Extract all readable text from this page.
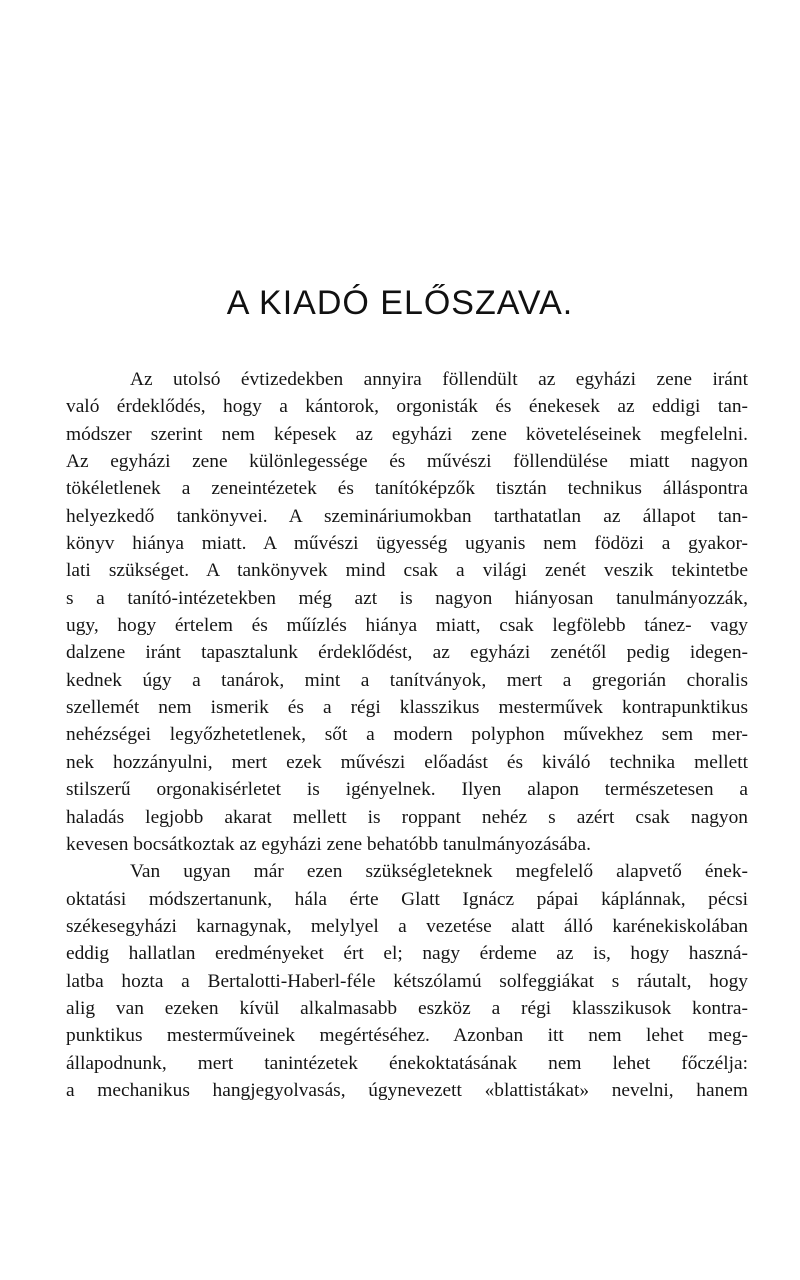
A KIADÓ ELŐSZAVA.
Az utolsó évtizedekben annyira föllendült az egyházi zene iránt
való érdeklődés, hogy a kántorok, orgonisták és énekesek az eddigi tan-
módszer szerint nem képesek az egyházi zene követeléseinek megfelelni.
Az egyházi zene különlegessége és művészi föllendülése miatt nagyon
tökéletlenek a zeneintézetek és tanítóképzők tisztán technikus álláspontra
helyezkedő tankönyvei. A szemináriumokban tarthatatlan az állapot tan-
könyv hiánya miatt. A művészi ügyesség ugyanis nem födözi a gyakor-
lati szükséget. A tankönyvek mind csak a világi zenét veszik tekintetbe
s a tanító-intézetekben még azt is nagyon hiányosan tanulmányozzák,
ugy, hogy értelem és műízlés hiánya miatt, csak legfölebb tánez- vagy
dalzene iránt tapasztalunk érdeklődést, az egyházi zenétől pedig idegen-
kednek úgy a tanárok, mint a tanítványok, mert a gregorián choralis
szellemét nem ismerik és a régi klasszikus mesterművek kontrapunktikus
nehézségei legyőzhetetlenek, sőt a modern polyphon művekhez sem mer-
nek hozzányulni, mert ezek művészi előadást és kiváló technika mellett
stilszerű orgonakisérletet is igényelnek. Ilyen alapon természetesen a
haladás legjobb akarat mellett is roppant nehéz s azért csak nagyon
kevesen bocsátkoztak az egyházi zene behatóbb tanulmányozásába.
Van ugyan már ezen szükségleteknek megfelelő alapvető ének-
oktatási módszertanunk, hála érte Glatt Ignácz pápai káplánnak, pécsi
székesegyházi karnagynak, melylyel a vezetése alatt álló karénekiskolában
eddig hallatlan eredményeket ért el; nagy érdeme az is, hogy haszná-
latba hozta a Bertalotti-Haberl-féle kétszólamú solfeggiákat s ráutalt, hogy
alig van ezeken kívül alkalmasabb eszköz a régi klasszikusok kontra-
punktikus mesterműveinek megértéséhez. Azonban itt nem lehet meg-
állapodnunk, mert tanintézetek énekoktatásának nem lehet főczélja:
a mechanikus hangjegyolvasás, úgynevezett «blattistákat» nevelni, hanem
